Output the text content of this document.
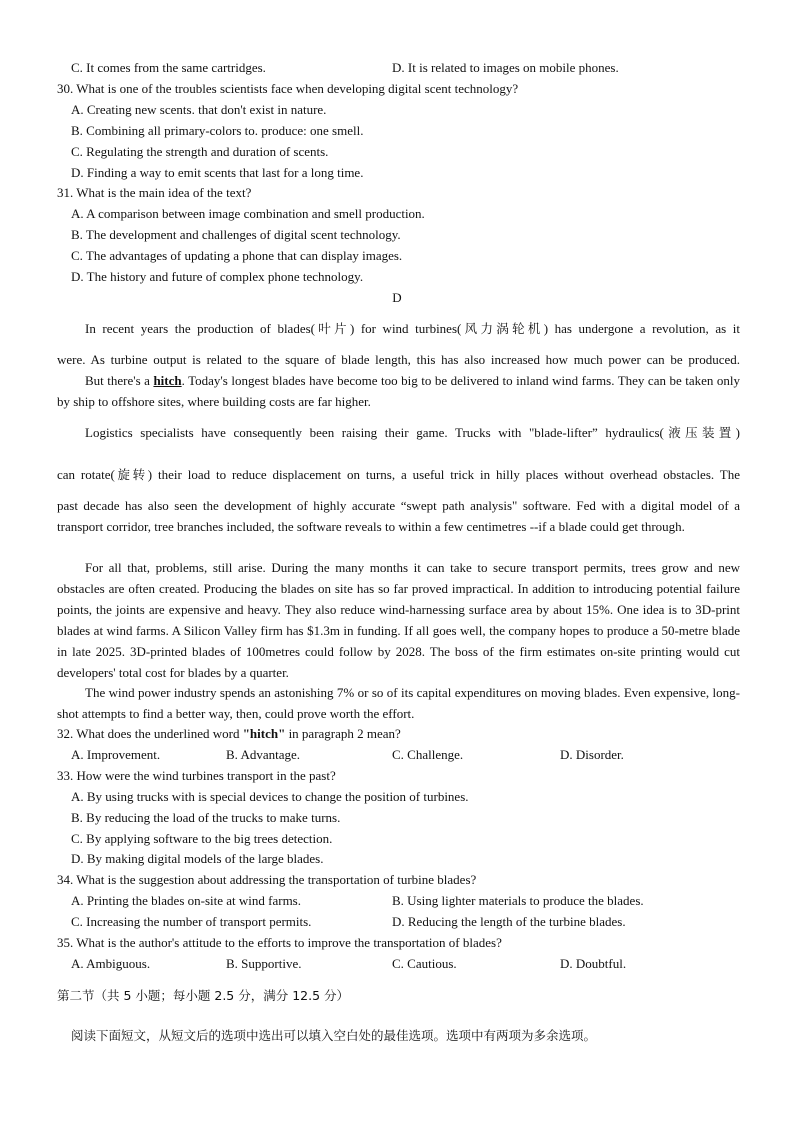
C. It comes from the same cartridges.	D. It is related to images on mobile phones.
30. What is one of the troubles scientists face when developing digital scent technology?
A. Creating new scents. that don't exist in nature.
B. Combining all primary-colors to. produce: one smell.
C. Regulating the strength and duration of scents.
D. Finding a way to emit scents that last for a long time.
31. What is the main idea of the text?
A. A comparison between image combination and smell production.
B. The development and challenges of digital scent technology.
C. The advantages of updating a phone that can display images.
D. The history and future of complex phone technology.
D

In recent years the production of blades(叶片) for wind turbines(风力涡轮机) has undergone a revolution, as it

were. As turbine output is related to the square of blade length, this has also increased how much power can be produced.

But there's a hitch. Today's longest blades have become too big to be delivered to inland wind farms. They can be taken only by ship to offshore sites, where building costs are far higher.

Logistics specialists have consequently been raising their game. Trucks with "blade-lifter” hydraulics(液压装置)

can rotate(旋转) their load to reduce displacement on turns, a useful trick in hilly places without overhead obstacles. The

past decade has also seen the development of highly accurate “swept path analysis" software. Fed with a digital model of a transport corridor, tree branches included, the software reveals to within a few centimetres --if a blade could get through.

For all that, problems, still arise. During the many months it can take to secure transport permits, trees grow and new obstacles are often created. Producing the blades on site has so far proved impractical. In addition to introducing potential failure points, the joints are expensive and heavy. They also reduce wind-harnessing surface area by about 15%. One idea is to 3D-print blades at wind farms. A Silicon Valley firm has $1.3m in funding. If all goes well, the company hopes to produce a 50-metre blade in late 2025. 3D-printed blades of 100metres could follow by 2028. The boss of the firm estimates on-site printing would cut developers' total cost for blades by a quarter.

The wind power industry spends an astonishing 7% or so of its capital expenditures on moving blades. Even expensive, long-shot attempts to find a better way, then, could prove worth the effort.

32. What does the underlined word "hitch" in paragraph 2 mean?
A. Improvement.	B. Advantage.	C. Challenge.	D. Disorder.
33. How were the wind turbines transport in the past?
A. By using trucks with is special devices to change the position of turbines.
B. By reducing the load of the trucks to make turns.
C. By applying software to the big trees detection.
D. By making digital models of the large blades.
34. What is the suggestion about addressing the transportation of turbine blades?
A. Printing the blades on-site at wind farms.	B. Using lighter materials to produce the blades.
C. Increasing the number of transport permits.	D. Reducing the length of the turbine blades.
35. What is the author's attitude to the efforts to improve the transportation of blades?
A. Ambiguous.	B. Supportive.	C. Cautious.	D. Doubtful.
第二节（共 5 小题；每小题 2.5 分，满分 12.5 分）
阅读下面短文，从短文后的选项中选出可以填入空白处的最佳选项。选项中有两项为多余选项。
